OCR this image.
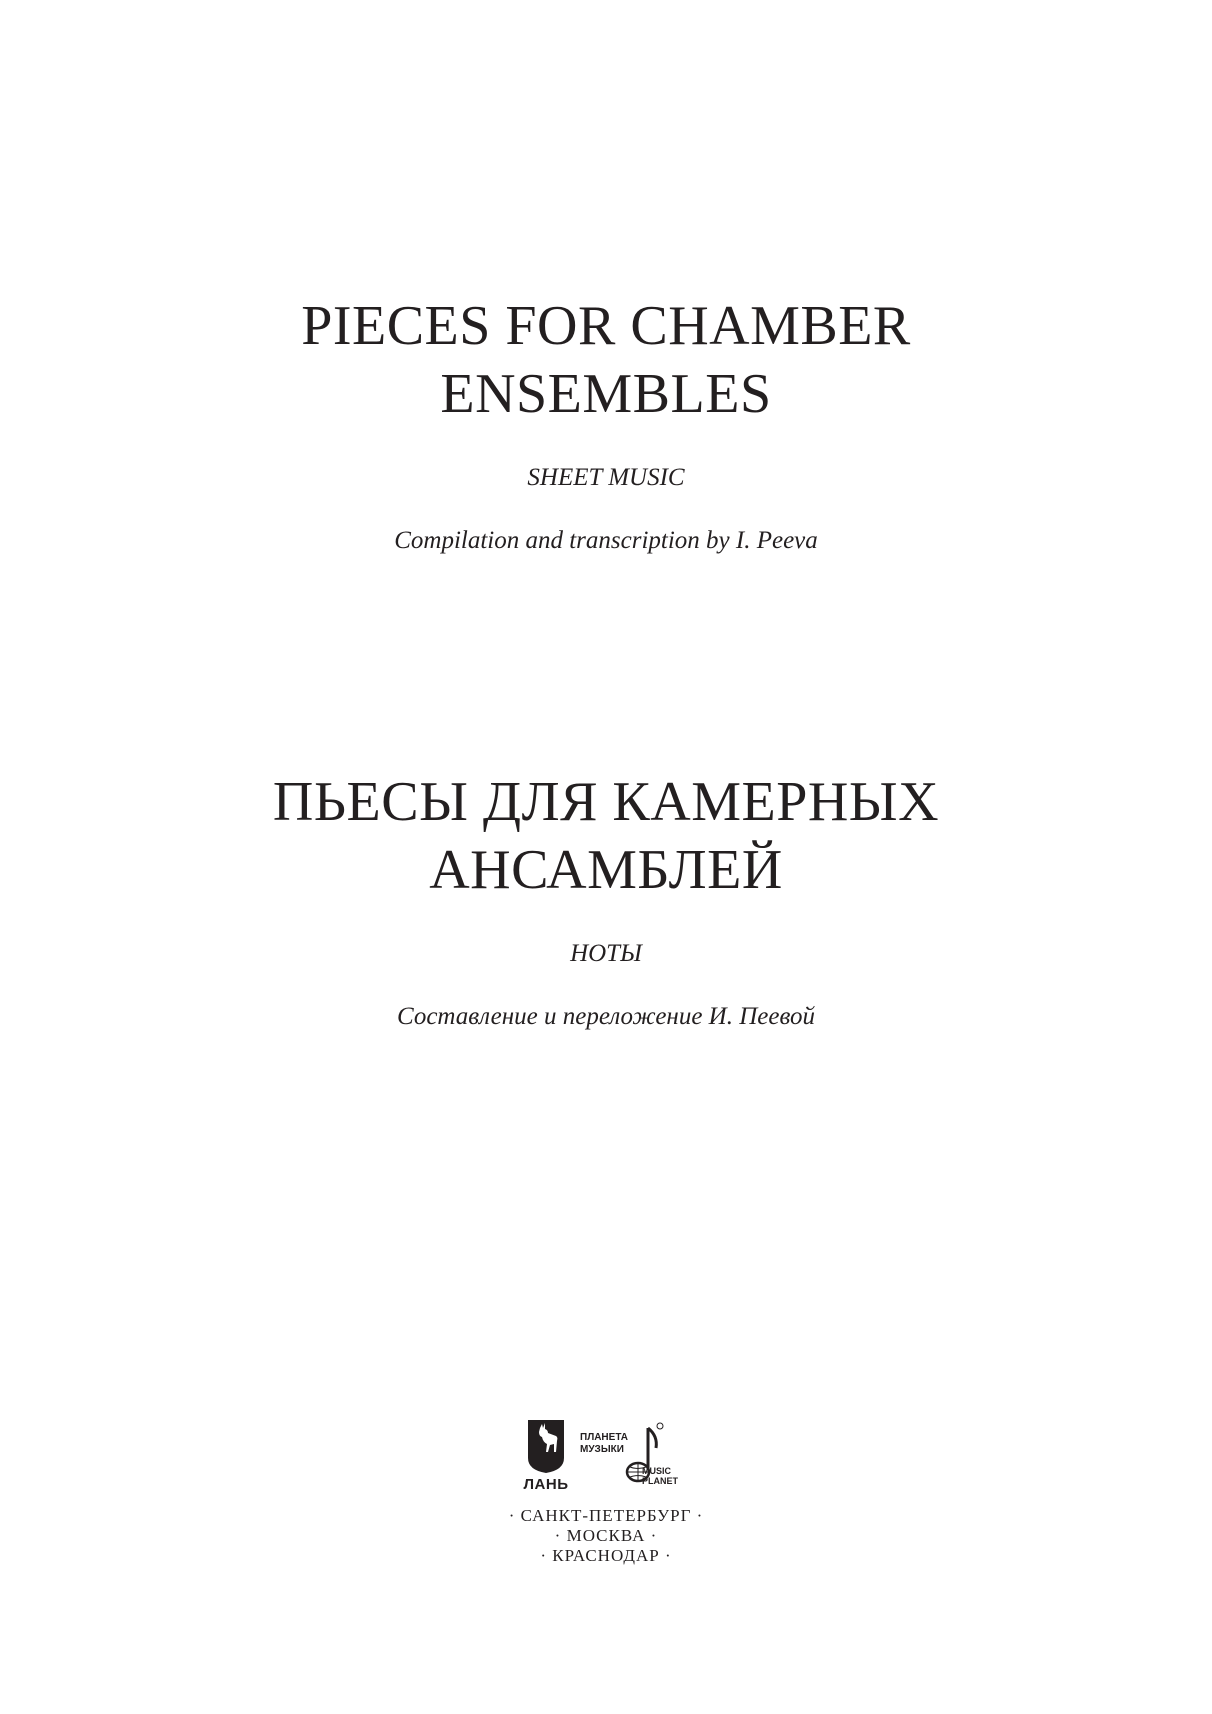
PIECES FOR CHAMBER

ENSEMBLES

SHEET MUSIC

Compilation and transcription by I. Peeva

ПЬЕСЫ ДЛЯ КАМЕРНЫХ

АНСАМБЛЕЙ

НОТЫ

Составление и переложение И. Пеевой

ЛАНЬ
ПЛАНЕТА
МУЗЫКИ
MUSIC
PLANET
· САНКТ-ПЕТЕРБУРГ ·
· МОСКВА ·
· КРАСНОДАР ·
